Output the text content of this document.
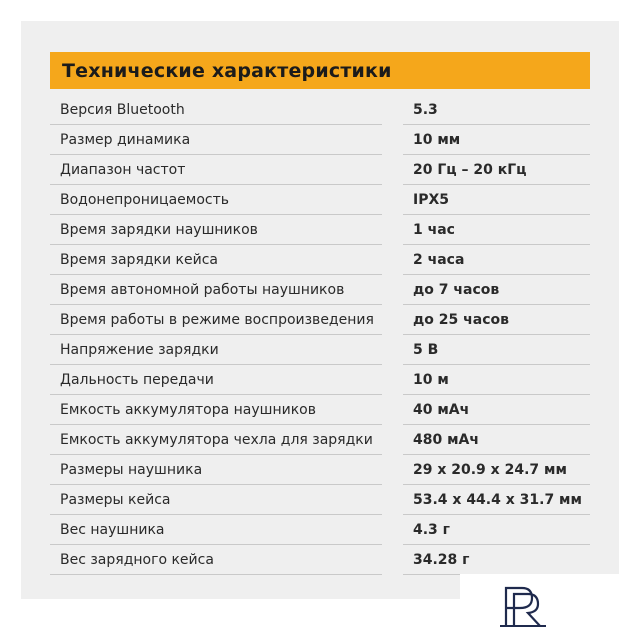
Технические характеристики
Версия Bluetooth	5.3
Размер динамика	10 мм
Диапазон частот	20 Гц – 20 кГц
Водонепроницаемость	IPX5
Время зарядки наушников	1 час
Время зарядки кейса	2 часа
Время автономной работы наушников	до 7 часов
Время работы в режиме воспроизведения	до 25 часов
Напряжение зарядки	5 В
Дальность передачи	10 м
Емкость аккумулятора наушников	40 мАч
Емкость аккумулятора чехла для зарядки	480 мАч
Размеры наушника	29 x 20.9 x 24.7 мм
Размеры кейса	53.4 x 44.4 x 31.7 мм
Вес наушника	4.3 г
Вес зарядного кейса	34.28 г
